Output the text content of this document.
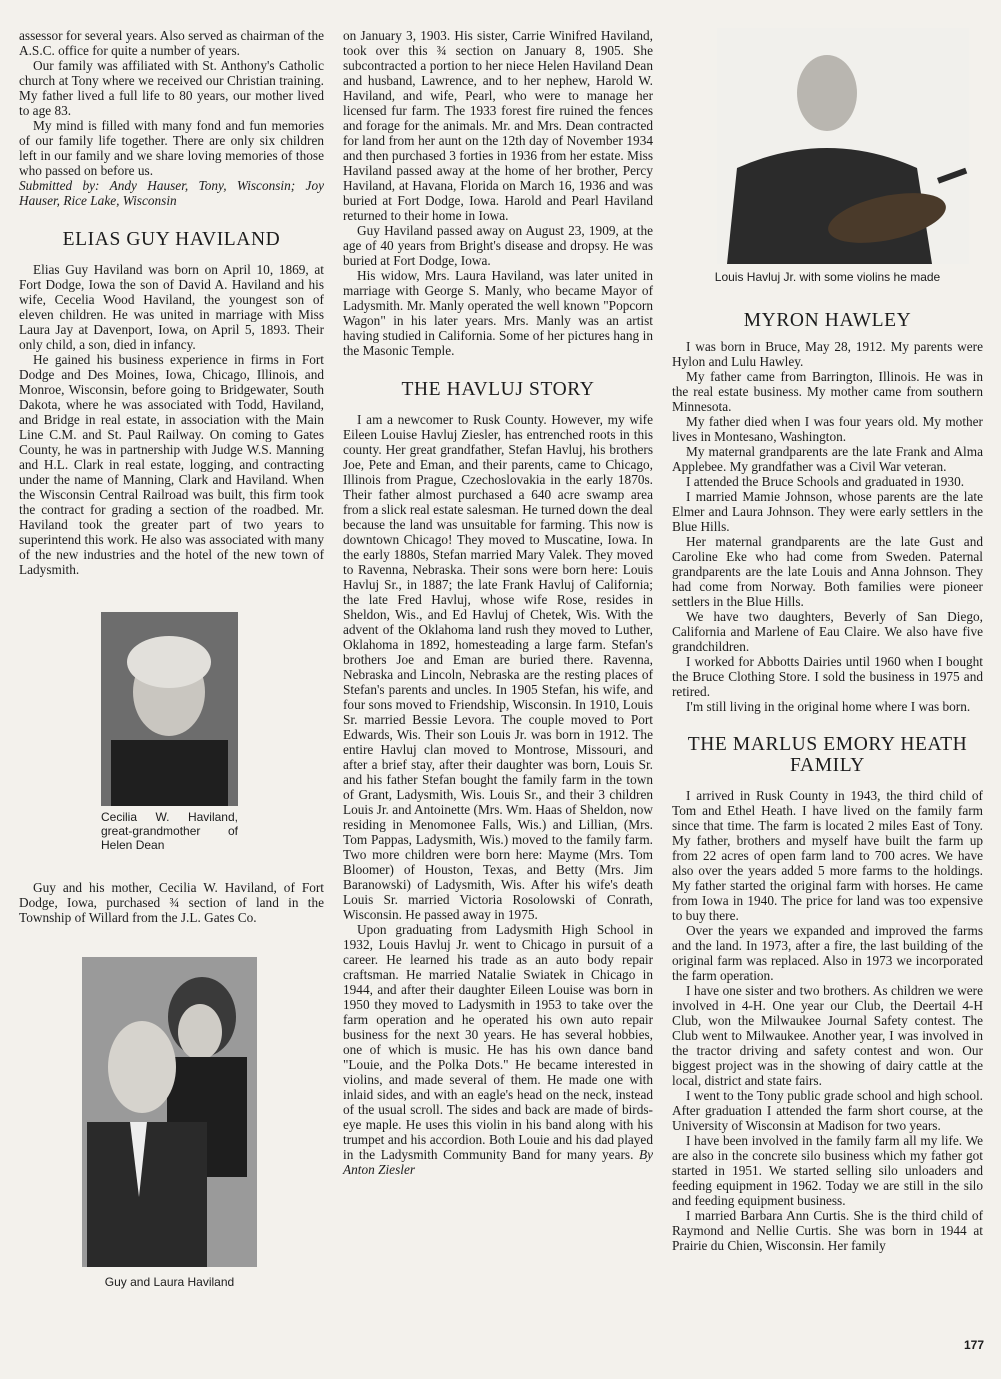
assessor for several years. Also served as chairman of the A.S.C. office for quite a number of years.

Our family was affiliated with St. Anthony's Catholic church at Tony where we received our Christian training. My father lived a full life to 80 years, our mother lived to age 83.

My mind is filled with many fond and fun memories of our family life together. There are only six children left in our family and we share loving memories of those who passed on before us.

Submitted by: Andy Hauser, Tony, Wisconsin; Joy Hauser, Rice Lake, Wisconsin

ELIAS GUY HAVILAND

Elias Guy Haviland was born on April 10, 1869, at Fort Dodge, Iowa the son of David A. Haviland and his wife, Cecelia Wood Haviland, the youngest son of eleven children. He was united in marriage with Miss Laura Jay at Davenport, Iowa, on April 5, 1893. Their only child, a son, died in infancy.

He gained his business experience in firms in Fort Dodge and Des Moines, Iowa, Chicago, Illinois, and Monroe, Wisconsin, before going to Bridgewater, South Dakota, where he was associated with Todd, Haviland, and Bridge in real estate, in association with the Main Line C.M. and St. Paul Railway. On coming to Gates County, he was in partnership with Judge W.S. Manning and H.L. Clark in real estate, logging, and contracting under the name of Manning, Clark and Haviland. When the Wisconsin Central Railroad was built, this firm took the contract for grading a section of the roadbed. Mr. Haviland took the greater part of two years to superintend this work. He also was associated with many of the new industries and the hotel of the new town of Ladysmith.

Cecilia W. Haviland, great-grandmother of Helen Dean

Guy and his mother, Cecilia W. Haviland, of Fort Dodge, Iowa, purchased ¾ section of land in the Township of Willard from the J.L. Gates Co.

Guy and Laura Haviland

on January 3, 1903. His sister, Carrie Winifred Haviland, took over this ¾ section on January 8, 1905. She subcontracted a portion to her niece Helen Haviland Dean and husband, Lawrence, and to her nephew, Harold W. Haviland, and wife, Pearl, who were to manage her licensed fur farm. The 1933 forest fire ruined the fences and forage for the animals. Mr. and Mrs. Dean contracted for land from her aunt on the 12th day of November 1934 and then purchased 3 forties in 1936 from her estate. Miss Haviland passed away at the home of her brother, Percy Haviland, at Havana, Florida on March 16, 1936 and was buried at Fort Dodge, Iowa. Harold and Pearl Haviland returned to their home in Iowa.

Guy Haviland passed away on August 23, 1909, at the age of 40 years from Bright's disease and dropsy. He was buried at Fort Dodge, Iowa.

His widow, Mrs. Laura Haviland, was later united in marriage with George S. Manly, who became Mayor of Ladysmith. Mr. Manly operated the well known "Popcorn Wagon" in his later years. Mrs. Manly was an artist having studied in California. Some of her pictures hang in the Masonic Temple.

THE HAVLUJ STORY

I am a newcomer to Rusk County. However, my wife Eileen Louise Havluj Ziesler, has entrenched roots in this county. Her great grandfather, Stefan Havluj, his brothers Joe, Pete and Eman, and their parents, came to Chicago, Illinois from Prague, Czechoslovakia in the early 1870s. Their father almost purchased a 640 acre swamp area from a slick real estate salesman. He turned down the deal because the land was unsuitable for farming. This now is downtown Chicago! They moved to Muscatine, Iowa. In the early 1880s, Stefan married Mary Valek. They moved to Ravenna, Nebraska. Their sons were born here: Louis Havluj Sr., in 1887; the late Frank Havluj of California; the late Fred Havluj, whose wife Rose, resides in Sheldon, Wis., and Ed Havluj of Chetek, Wis. With the advent of the Oklahoma land rush they moved to Luther, Oklahoma in 1892, homesteading a large farm. Stefan's brothers Joe and Eman are buried there. Ravenna, Nebraska and Lincoln, Nebraska are the resting places of Stefan's parents and uncles. In 1905 Stefan, his wife, and four sons moved to Friendship, Wisconsin. In 1910, Louis Sr. married Bessie Levora. The couple moved to Port Edwards, Wis. Their son Louis Jr. was born in 1912. The entire Havluj clan moved to Montrose, Missouri, and after a brief stay, after their daughter was born, Louis Sr. and his father Stefan bought the family farm in the town of Grant, Ladysmith, Wis. Louis Sr., and their 3 children Louis Jr. and Antoinette (Mrs. Wm. Haas of Sheldon, now residing in Menomonee Falls, Wis.) and Lillian, (Mrs. Tom Pappas, Ladysmith, Wis.) moved to the family farm. Two more children were born here: Mayme (Mrs. Tom Bloomer) of Houston, Texas, and Betty (Mrs. Jim Baranowski) of Ladysmith, Wis. After his wife's death Louis Sr. married Victoria Rosolowski of Conrath, Wisconsin. He passed away in 1975.

Upon graduating from Ladysmith High School in 1932, Louis Havluj Jr. went to Chicago in pursuit of a career. He learned his trade as an auto body repair craftsman. He married Natalie Swiatek in Chicago in 1944, and after their daughter Eileen Louise was born in 1950 they moved to Ladysmith in 1953 to take over the farm operation and he operated his own auto repair business for the next 30 years. He has several hobbies, one of which is music. He has his own dance band "Louie, and the Polka Dots." He became interested in violins, and made several of them. He made one with inlaid sides, and with an eagle's head on the neck, instead of the usual scroll. The sides and back are made of birds-eye maple. He uses this violin in his band along with his trumpet and his accordion. Both Louie and his dad played in the Ladysmith Community Band for many years. By Anton Ziesler

Louis Havluj Jr. with some violins he made
MYRON HAWLEY

I was born in Bruce, May 28, 1912. My parents were Hylon and Lulu Hawley.

My father came from Barrington, Illinois. He was in the real estate business. My mother came from southern Minnesota.

My father died when I was four years old. My mother lives in Montesano, Washington.

My maternal grandparents are the late Frank and Alma Applebee. My grandfather was a Civil War veteran.

I attended the Bruce Schools and graduated in 1930.

I married Mamie Johnson, whose parents are the late Elmer and Laura Johnson. They were early settlers in the Blue Hills.

Her maternal grandparents are the late Gust and Caroline Eke who had come from Sweden. Paternal grandparents are the late Louis and Anna Johnson. They had come from Norway. Both families were pioneer settlers in the Blue Hills.

We have two daughters, Beverly of San Diego, California and Marlene of Eau Claire. We also have five grandchildren.

I worked for Abbotts Dairies until 1960 when I bought the Bruce Clothing Store. I sold the business in 1975 and retired.

I'm still living in the original home where I was born.

THE MARLUS EMORY HEATH FAMILY

I arrived in Rusk County in 1943, the third child of Tom and Ethel Heath. I have lived on the family farm since that time. The farm is located 2 miles East of Tony. My father, brothers and myself have built the farm up from 22 acres of open farm land to 700 acres. We have also over the years added 5 more farms to the holdings. My father started the original farm with horses. He came from Iowa in 1940. The price for land was too expensive to buy there.

Over the years we expanded and improved the farms and the land. In 1973, after a fire, the last building of the original farm was replaced. Also in 1973 we incorporated the farm operation.

I have one sister and two brothers. As children we were involved in 4-H. One year our Club, the Deertail 4-H Club, won the Milwaukee Journal Safety contest. The Club went to Milwaukee. Another year, I was involved in the tractor driving and safety contest and won. Our biggest project was in the showing of dairy cattle at the local, district and state fairs.

I went to the Tony public grade school and high school. After graduation I attended the farm short course, at the University of Wisconsin at Madison for two years.

I have been involved in the family farm all my life. We are also in the concrete silo business which my father got started in 1951. We started selling silo unloaders and feeding equipment in 1962. Today we are still in the silo and feeding equipment business.

I married Barbara Ann Curtis. She is the third child of Raymond and Nellie Curtis. She was born in 1944 at Prairie du Chien, Wisconsin. Her family

177
